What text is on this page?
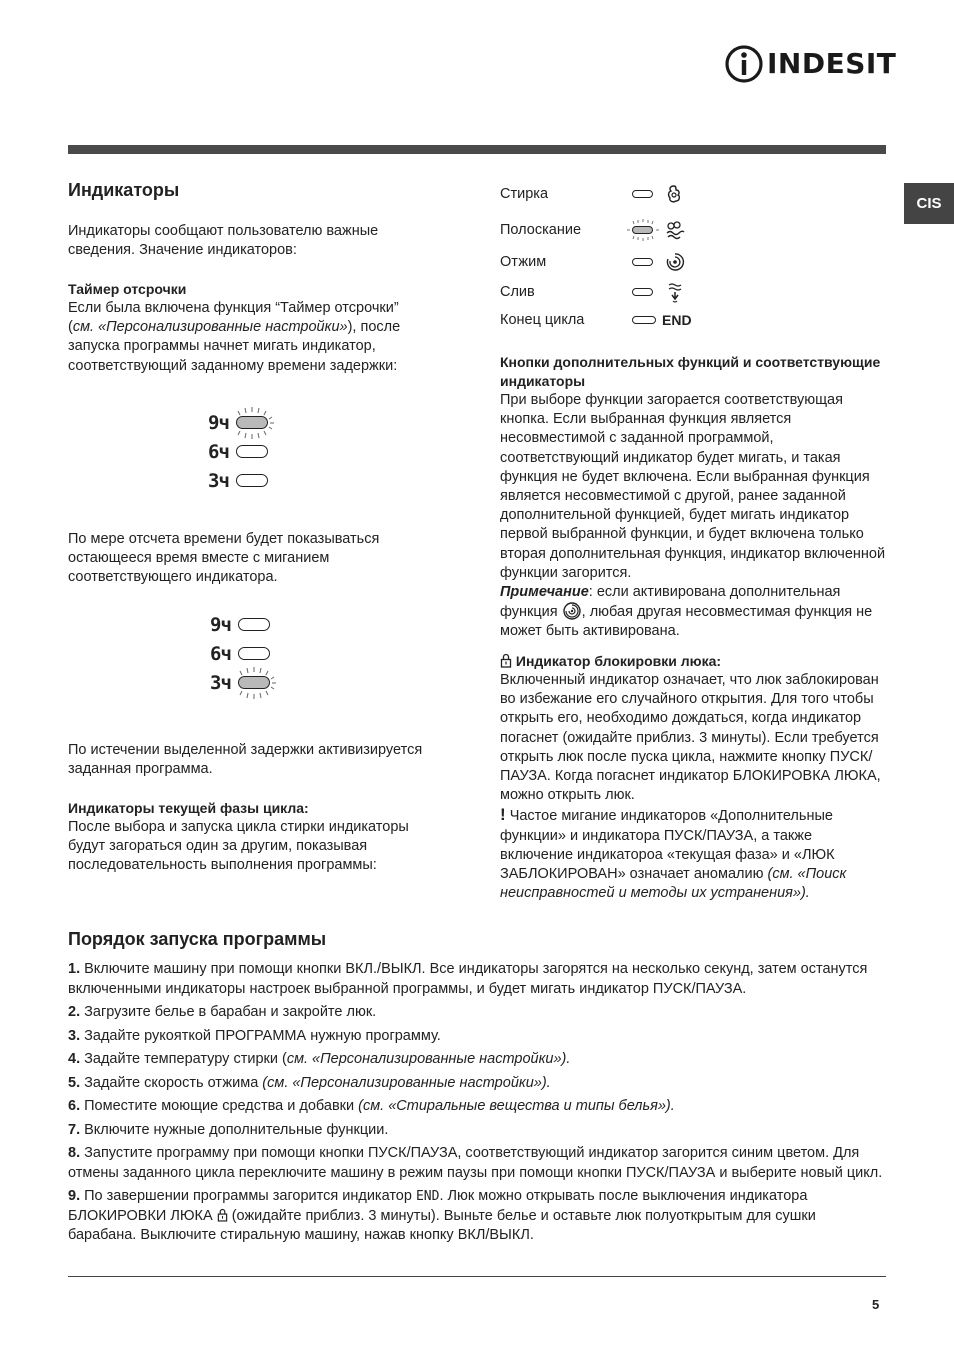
INDESIT
CIS
Индикаторы

Индикаторы сообщают пользователю важные сведения. Значение индикаторов:

Таймер отсрочки

Если была включена функция “Таймер отсрочки” (см. «Персонализированные настройки»), после запуска программы начнет мигать индикатор, соответствующий заданному времени задержки:

9ч
6ч
3ч

По мере отсчета времени будет показываться остающееся время вместе с миганием соответствующего индикатора.

9ч
6ч
3ч

По истечении выделенной задержки активизируется заданная программа.

Индикаторы текущей фазы цикла:

После выбора и запуска цикла стирки индикаторы будут загораться один за другим, показывая последовательность выполнения программы:

Стирка
Полоскание
Отжим
Слив
Конец цикла	END
Кнопки дополнительных функций и соответствующие индикаторы

При выборе функции загорается соответствующая кнопка. Если выбранная функция является несовместимой с заданной программой, соответствующий индикатор будет мигать, и такая функция не будет включена. Если выбранная функция является несовместимой с другой, ранее заданной дополнительной функцией, будет мигать индикатор первой выбранной функции, и будет включена только вторая дополнительная функция, индикатор включенной функции загорится.

Примечание: если активирована дополнительная функция , любая другая несовместимая функция не может быть активирована.

Индикатор блокировки люка:

Включенный индикатор означает, что люк заблокирован во избежание его случайного открытия. Для того чтобы открыть его, необходимо дождаться, когда индикатор погаснет (ожидайте приблиз. 3 минуты). Если требуется открыть люк после пуска цикла, нажмите кнопку ПУСК/ПАУЗА. Когда погаснет индикатор БЛОКИРОВКА ЛЮКА, можно открыть люк.

! Частое мигание индикаторов «Дополнительные функции» и индикатора ПУСК/ПАУЗА, а также включение индикатороа «текущая фаза» и «ЛЮК ЗАБЛОКИРОВАН» означает аномалию (см. «Поиск неисправностей и методы их устранения»).

Порядок запуска программы

1. Включите машину при помощи кнопки ВКЛ./ВЫКЛ. Все индикаторы загорятся на несколько секунд, затем останутся включенными индикаторы настроек выбранной программы, и будет мигать индикатор ПУСК/ПАУЗА.

2. Загрузите белье в барабан и закройте люк.

3. Задайте рукояткой ПРОГРАММА нужную программу.

4. Задайте температуру стирки (см. «Персонализированные настройки»).

5. Задайте скорость отжима (см. «Персонализированные настройки»).

6. Поместите моющие средства и добавки (см. «Стиральные вещества и типы белья»).

7. Включите нужные дополнительные функции.

8. Запустите программу при помощи кнопки ПУСК/ПАУЗА, соответствующий индикатор загорится синим цветом. Для отмены заданного цикла переключите машину в режим паузы при помощи кнопки ПУСК/ПАУЗА и выберите новый цикл.

9. По завершении программы загорится индикатор END. Люк можно открывать после выключения индикатора БЛОКИРОВКИ ЛЮКА  (ожидайте приблиз. 3 минуты). Выньте белье и оставьте люк полуоткрытым для сушки барабана. Выключите стиральную машину, нажав кнопку ВКЛ/ВЫКЛ.

5
